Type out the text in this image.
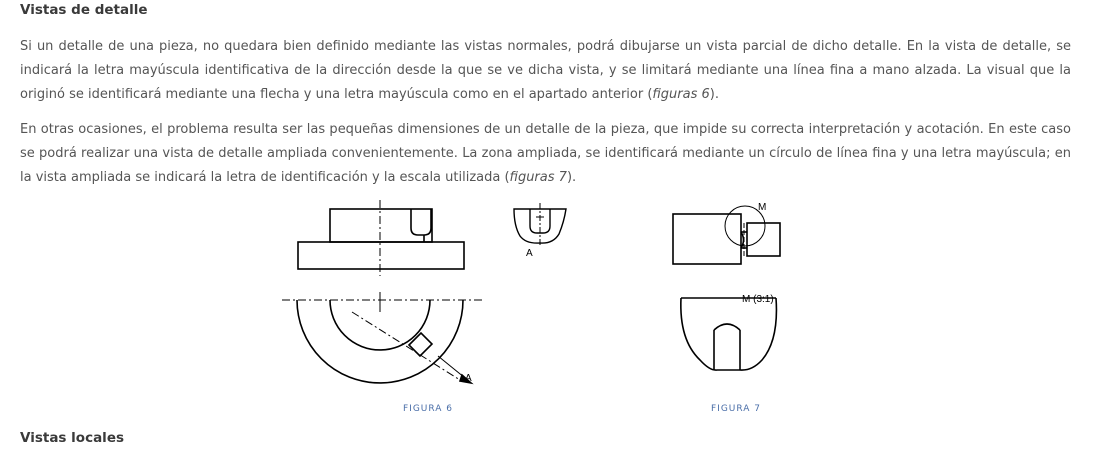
Vistas de detalle

Si un detalle de una pieza, no quedara bien definido mediante las vistas normales, podrá dibujarse un vista parcial de dicho detalle. En la vista de detalle, se indicará la letra mayúscula identificativa de la dirección desde la que se ve dicha vista, y se limitará mediante una línea fina a mano alzada. La visual que la originó se identificará mediante una flecha y una letra mayúscula como en el apartado anterior (figuras 6).

En otras ocasiones, el problema resulta ser las pequeñas dimensiones de un detalle de la pieza, que impide su correcta interpretación y acotación. En este caso se podrá realizar una vista de detalle ampliada convenientemente. La zona ampliada, se identificará mediante un círculo de línea fina y una letra mayúscula; en la vista ampliada se indicará la letra de identificación y la escala utilizada (figuras 7).

A
A
M
M (3:1)
FIGURA 6	FIGURA 7
Vistas locales
